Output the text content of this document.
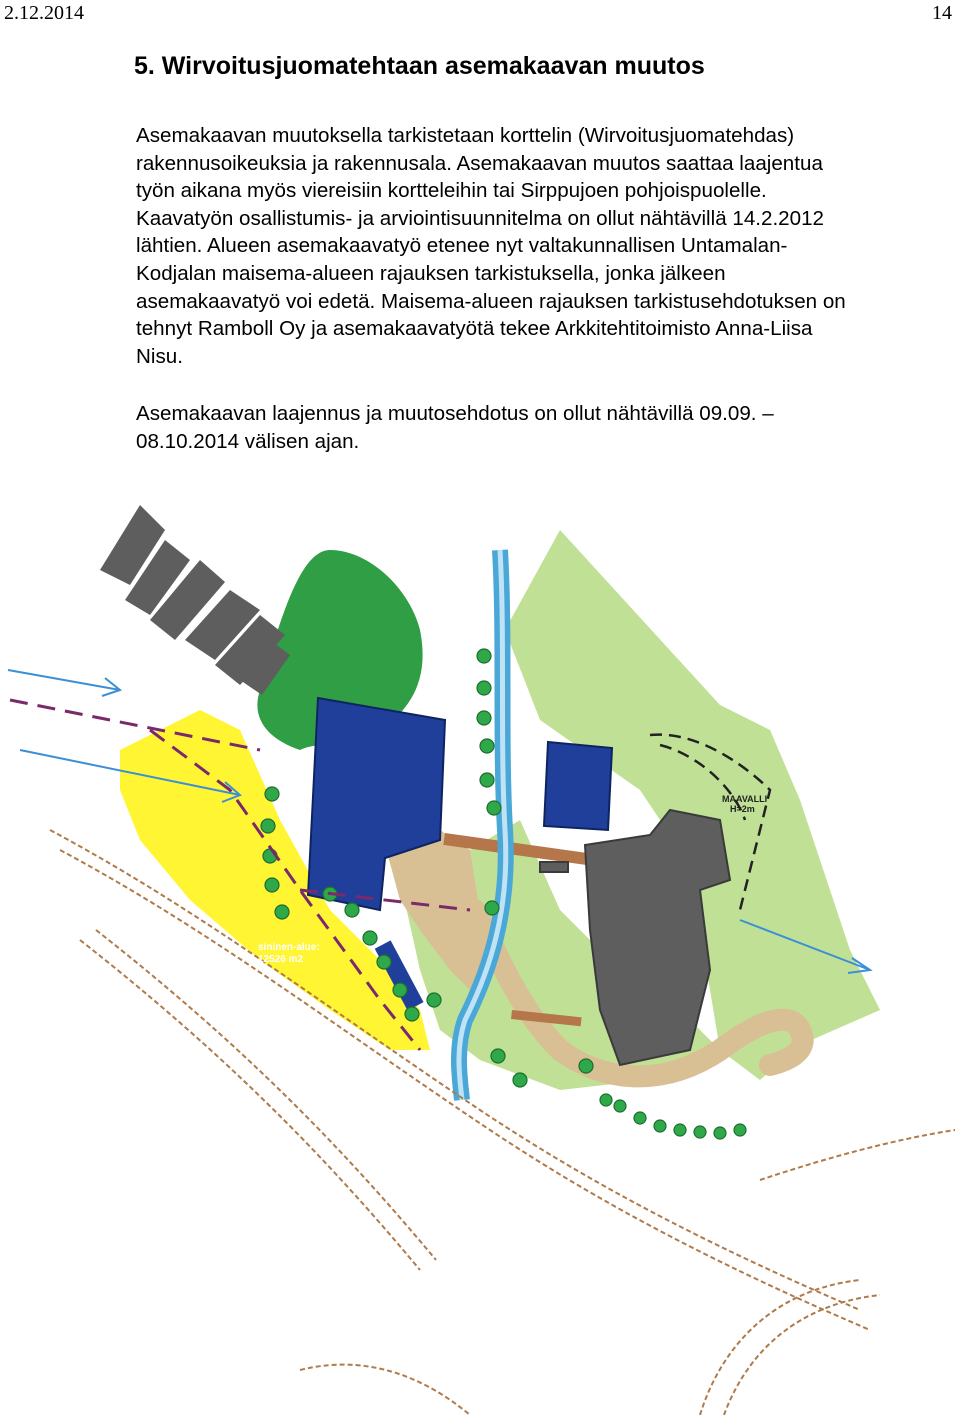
2.12.2014	14
5. Wirvoitusjuomatehtaan asemakaavan muutos
Asemakaavan muutoksella tarkistetaan korttelin (Wirvoitusjuomatehdas)
rakennusoikeuksia ja rakennusala. Asemakaavan muutos saattaa laajentua
työn aikana myös viereisiin kortteleihin tai Sirppujoen pohjoispuolelle.
Kaavatyön osallistumis- ja arviointisuunnitelma on ollut nähtävillä 14.2.2012
lähtien. Alueen asemakaavatyö etenee nyt valtakunnallisen Untamalan-
Kodjalan maisema-alueen rajauksen tarkistuksella, jonka jälkeen
asemakaavatyö voi edetä. Maisema-alueen rajauksen tarkistusehdotuksen on
tehnyt Ramboll Oy ja asemakaavatyötä tekee Arkkitehtitoimisto Anna-Liisa
Nisu.
Asemakaavan laajennus ja muutosehdotus on ollut nähtävillä 09.09. –
08.10.2014 välisen ajan.
sininen-alue:
12526 m2
MAAVALLI
H=2m
